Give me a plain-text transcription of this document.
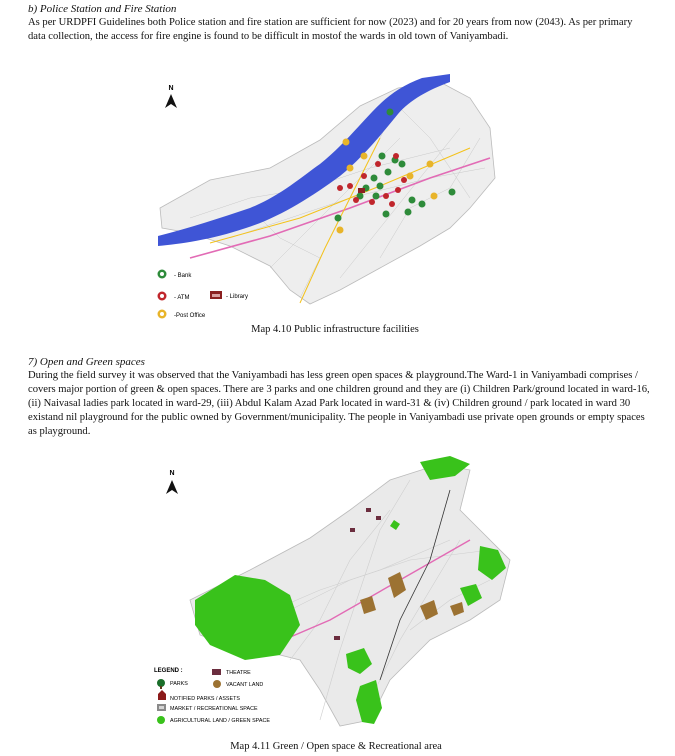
b) Police Station and Fire Station
As per URDPFI Guidelines both Police station and fire station are sufficient for now (2023) and for 20 years from now (2043). As per primary data collection, the access for fire engine is found to be difficult in mostof the wards in old town of Vaniyambadi.
N
- Bank
- ATM	- Library
-Post Office
Map 4.10 Public infrastructure facilities
7) Open and Green spaces
During the field survey it was observed that the Vaniyambadi has less green open spaces & playground.The Ward-1 in Vaniyambadi comprises / covers major portion of green & open spaces. There are 3 parks and one children ground and they are (i) Children Park/ground located in ward-16, (ii) Naivasal ladies park located in ward-29, (iii) Abdul Kalam Azad Park located in ward-31 & (iv) Children ground / park located in ward 30 existand nil playground for the public owned by Government/municipality. The people in Vaniyambadi use private open grounds or empty spaces as playground.
N
LEGEND :
PARKS
THEATRE
VACANT LAND
NOTIFIED PARKS / ASSETS
MARKET / RECREATIONAL SPACE
AGRICULTURAL LAND / GREEN SPACE
Map 4.11 Green / Open space & Recreational area
